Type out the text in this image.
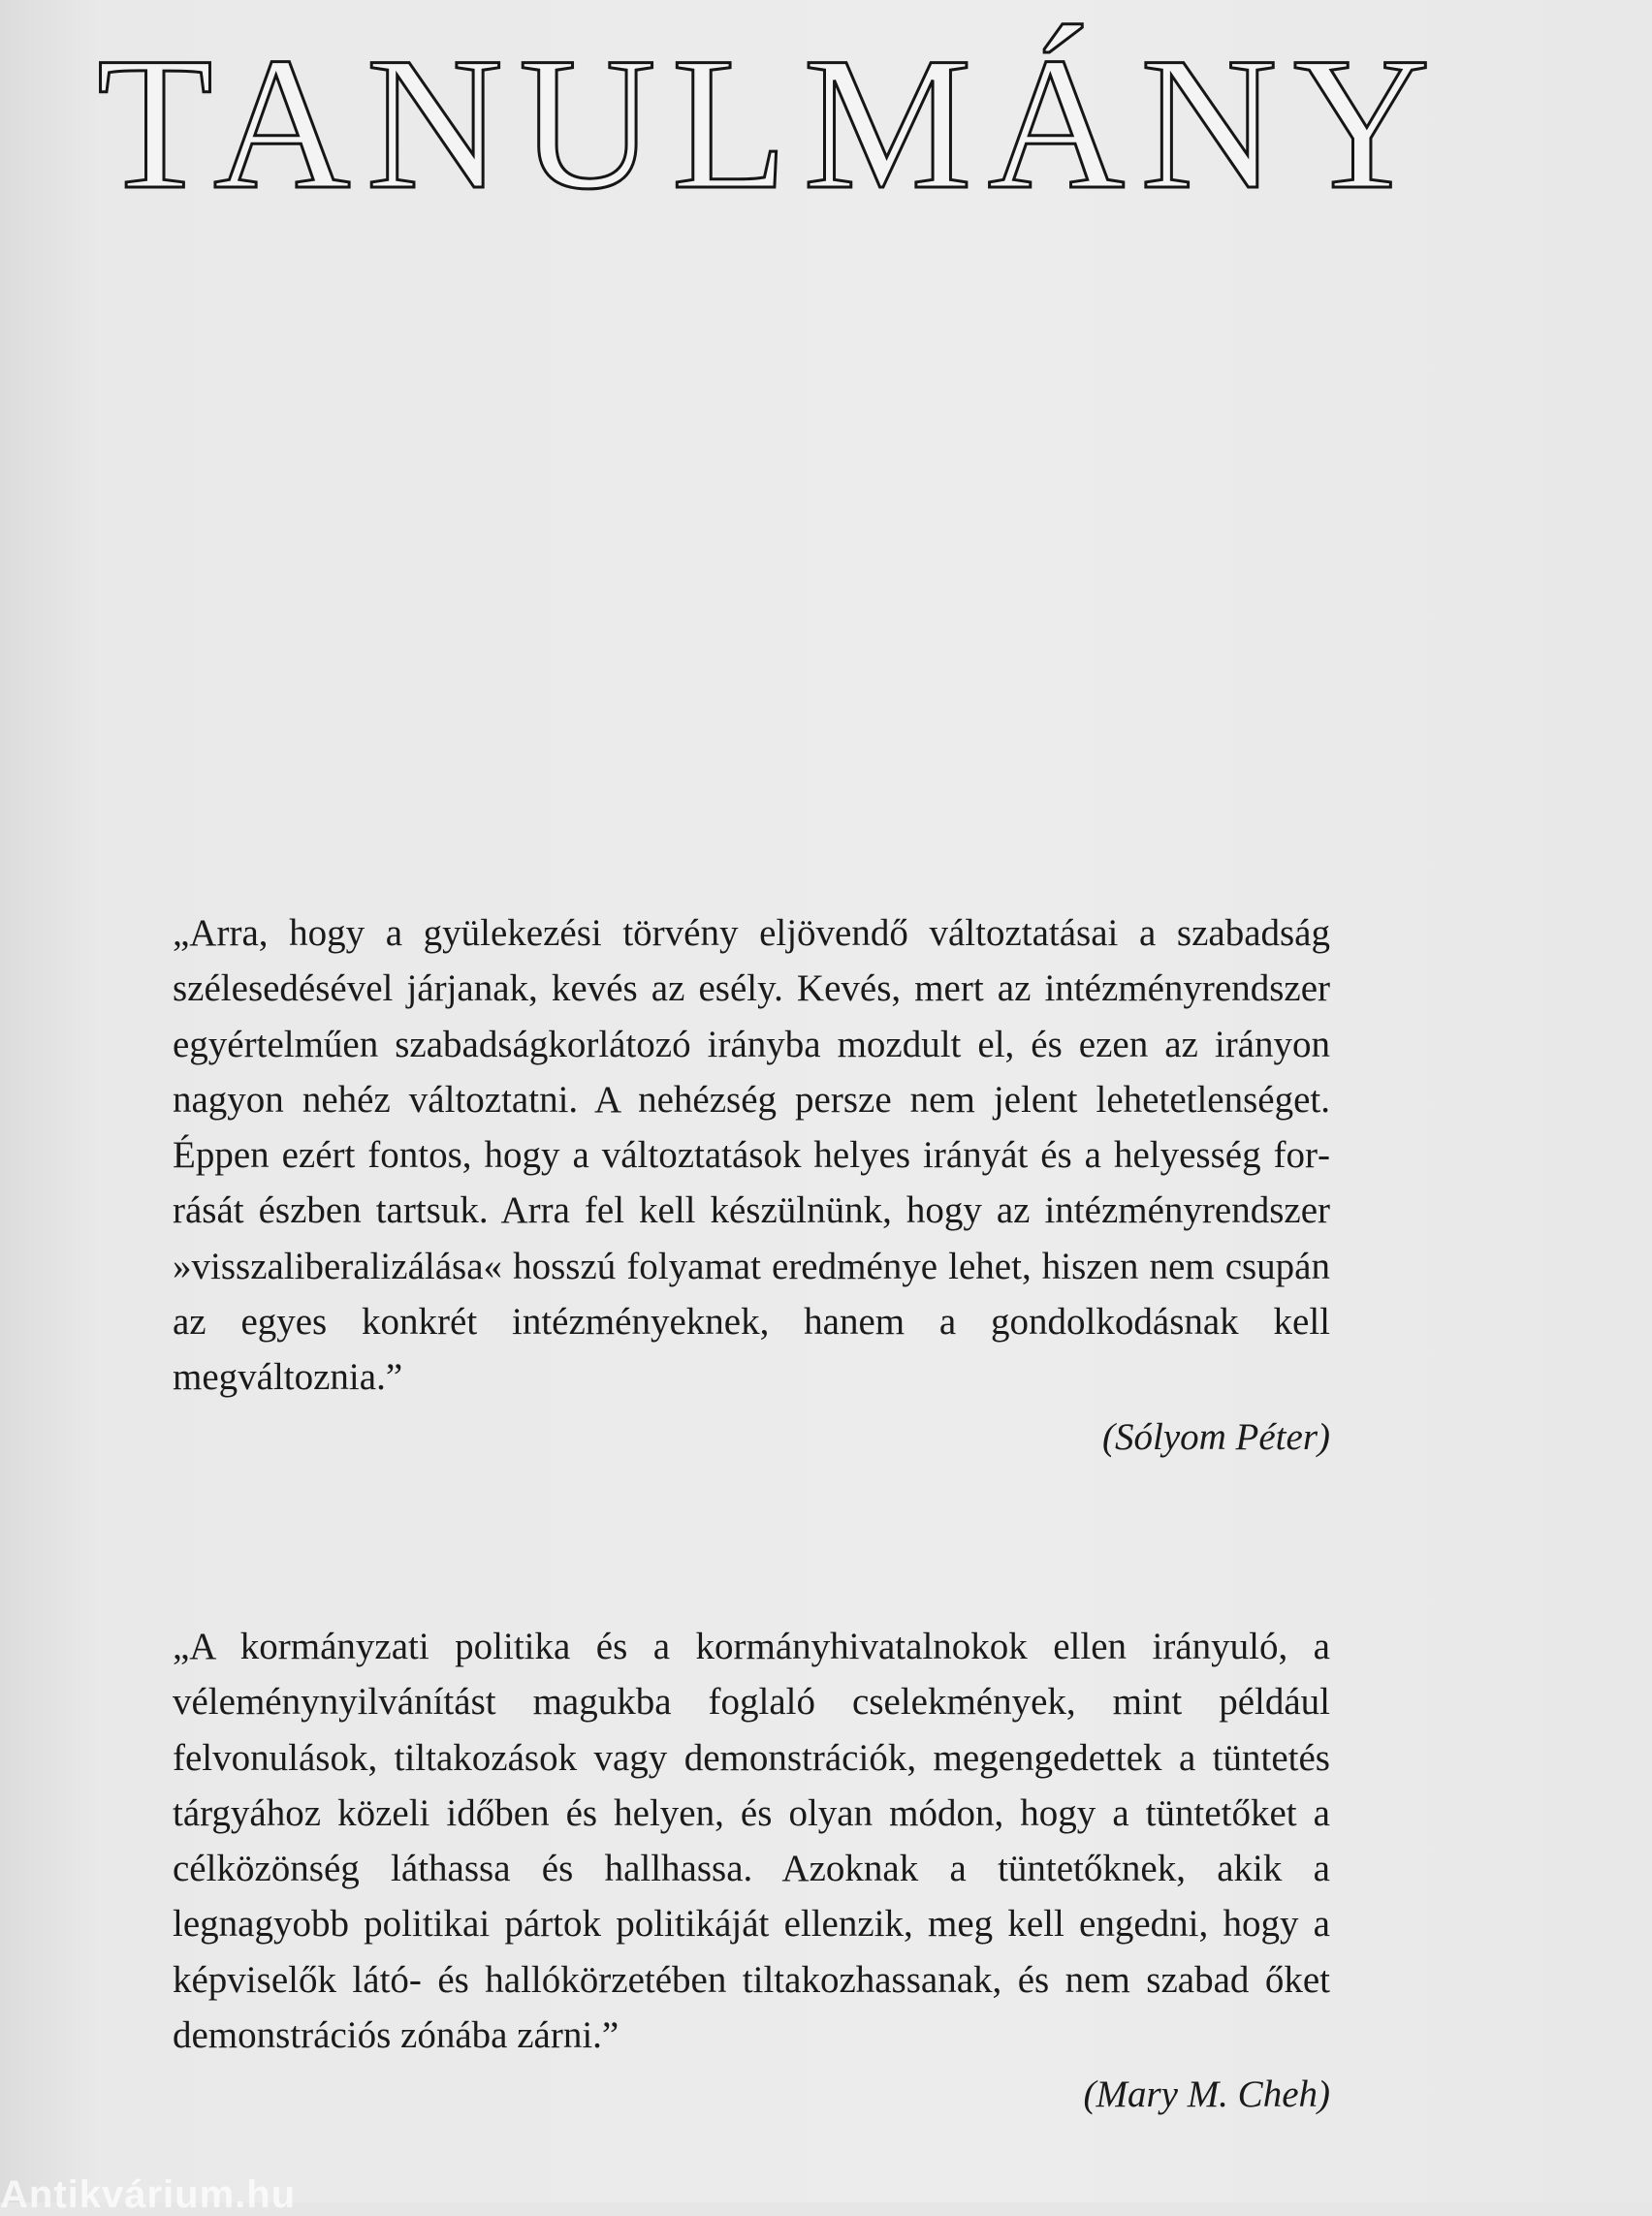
TANULMÁNY

„Arra, hogy a gyülekezési törvény eljövendő változtatásai a szabadság szélesedésével járjanak, kevés az esély. Kevés, mert az intézményrendszer egyértelműen szabadságkorlátozó irányba mozdult el, és ezen az irányon nagyon nehéz változtatni. A nehézség persze nem jelent lehetetlenséget. Éppen ezért fontos, hogy a változtatások helyes irányát és a helyesség forrását észben tartsuk. Arra fel kell készülnünk, hogy az intézményrendszer »visszaliberalizálása« hosszú folyamat eredménye lehet, hiszen nem csupán az egyes konkrét intézményeknek, hanem a gondolkodásnak kell megváltoznia.”

(Sólyom Péter)

„A kormányzati politika és a kormányhivatalnokok ellen irányuló, a véleménynyilvánítást magukba foglaló cselekmények, mint például felvonulások, tiltakozások vagy demonstrációk, megengedettek a tüntetés tárgyához közeli időben és helyen, és olyan módon, hogy a tüntetőket a célközönség láthassa és hallhassa. Azoknak a tüntetőknek, akik a legnagyobb politikai pártok politikáját ellenzik, meg kell engedni, hogy a képviselők látó- és hallókörzetében tiltakozhassanak, és nem szabad őket demonstrációs zónába zárni.”

(Mary M. Cheh)

Antikvárium.hu
